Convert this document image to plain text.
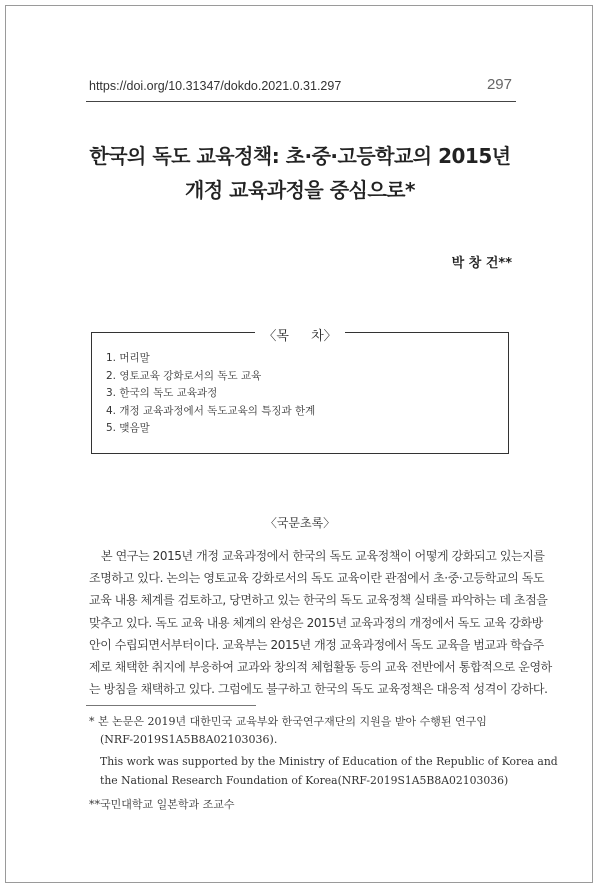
https://doi.org/10.31347/dokdo.2021.0.31.297	297
한국의 독도 교육정책: 초·중·고등학교의 2015년
개정 교육과정을 중심으로*
박 창 건**
〈목 차〉
1. 머리말
2. 영토교육 강화로서의 독도 교육
3. 한국의 독도 교육과정
4. 개정 교육과정에서 독도교육의 특징과 한계
5. 맺음말
〈국문초록〉
본 연구는 2015년 개정 교육과정에서 한국의 독도 교육정책이 어떻게 강화되고 있는지를
조명하고 있다. 논의는 영토교육 강화로서의 독도 교육이란 관점에서 초·중·고등학교의 독도
교육 내용 체계를 검토하고, 당면하고 있는 한국의 독도 교육정책 실태를 파악하는 데 초점을
맞추고 있다. 독도 교육 내용 체계의 완성은 2015년 교육과정의 개정에서 독도 교육 강화방
안이 수립되면서부터이다. 교육부는 2015년 개정 교육과정에서 독도 교육을 범교과 학습주
제로 채택한 취지에 부응하여 교과와 창의적 체험활동 등의 교육 전반에서 통합적으로 운영하
는 방침을 채택하고 있다. 그럼에도 불구하고 한국의 독도 교육정책은 대응적 성격이 강하다.
* 본 논문은 2019년 대한민국 교육부와 한국연구재단의 지원을 받아 수행된 연구임
(NRF-2019S1A5B8A02103036).
This work was supported by the Ministry of Education of the Republic of Korea and
the National Research Foundation of Korea(NRF-2019S1A5B8A02103036)
**국민대학교 일본학과 조교수
